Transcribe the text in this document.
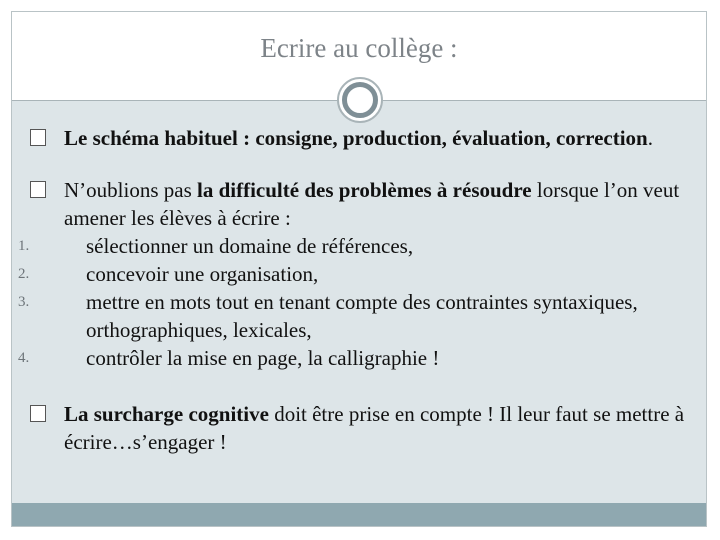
Ecrire au collège :
Le schéma habituel : consigne, production, évaluation, correction.
N’oublions pas la difficulté des problèmes à résoudre lorsque l’on veut amener les élèves à écrire :
1.	sélectionner un domaine de références,
2.	concevoir une organisation,
3.	mettre en mots tout en tenant compte des contraintes syntaxiques, orthographiques, lexicales,
4.	contrôler la mise en page, la calligraphie !
La surcharge cognitive doit être prise en compte ! Il leur faut se mettre à écrire…s’engager !
